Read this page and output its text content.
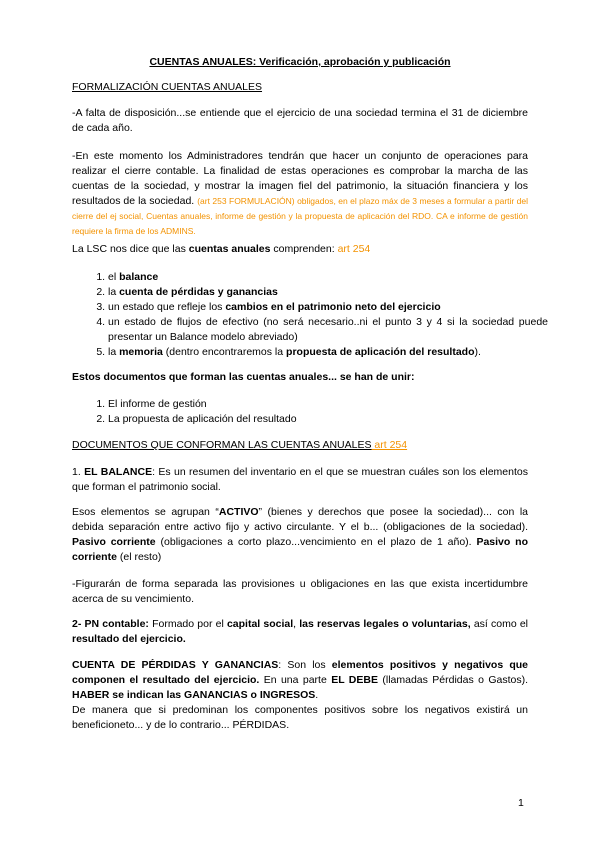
CUENTAS ANUALES: Verificación, aprobación y publicación

FORMALIZACIÓN CUENTAS ANUALES

-A falta de disposición...se entiende que el ejercicio de una sociedad termina el 31 de diciembre de cada año.

-En este momento los Administradores tendrán que hacer un conjunto de operaciones para realizar el cierre contable. La finalidad de estas operaciones es comprobar la marcha de las cuentas de la sociedad, y mostrar la imagen fiel del patrimonio, la situación financiera y los resultados de la sociedad. (art 253 FORMULACIÓN) obligados, en el plazo máx de 3 meses a formular a partir del cierre del ej social, Cuentas anuales, informe de gestión y la propuesta de aplicación del RDO. CA e informe de gestión requiere la firma de los ADMINS.

La LSC nos dice que las cuentas anuales comprenden: art 254

1. el balance
2. la cuenta de pérdidas y ganancias
3. un estado que refleje los cambios en el patrimonio neto del ejercicio
4. un estado de flujos de efectivo (no será necesario..ni el punto 3 y 4 si la sociedad puede presentar un Balance modelo abreviado)
5. la memoria (dentro encontraremos la propuesta de aplicación del resultado).

Estos documentos que forman las cuentas anuales... se han de unir:

1. El informe de gestión
2. La propuesta de aplicación del resultado

DOCUMENTOS QUE CONFORMAN LAS CUENTAS ANUALES art 254

1. EL BALANCE: Es un resumen del inventario en el que se muestran cuáles son los elementos que forman el patrimonio social.

Esos elementos se agrupan “ACTIVO” (bienes y derechos que posee la sociedad)... con la debida separación entre activo fijo y activo circulante. Y el b... (obligaciones de la sociedad). Pasivo corriente (obligaciones a corto plazo...vencimiento en el plazo de 1 año). Pasivo no corriente (el resto)

-Figurarán de forma separada las provisiones u obligaciones en las que exista incertidumbre acerca de su vencimiento.

2- PN contable: Formado por el capital social, las reservas legales o voluntarias, así como el resultado del ejercicio.

CUENTA DE PÉRDIDAS Y GANANCIAS: Son los elementos positivos y negativos que componen el resultado del ejercicio. En una parte EL DEBE (llamadas Pérdidas o Gastos). HABER se indican las GANANCIAS o INGRESOS.

De manera que si predominan los componentes positivos sobre los negativos existirá un beneficioneto... y de lo contrario... PÉRDIDAS.

1
